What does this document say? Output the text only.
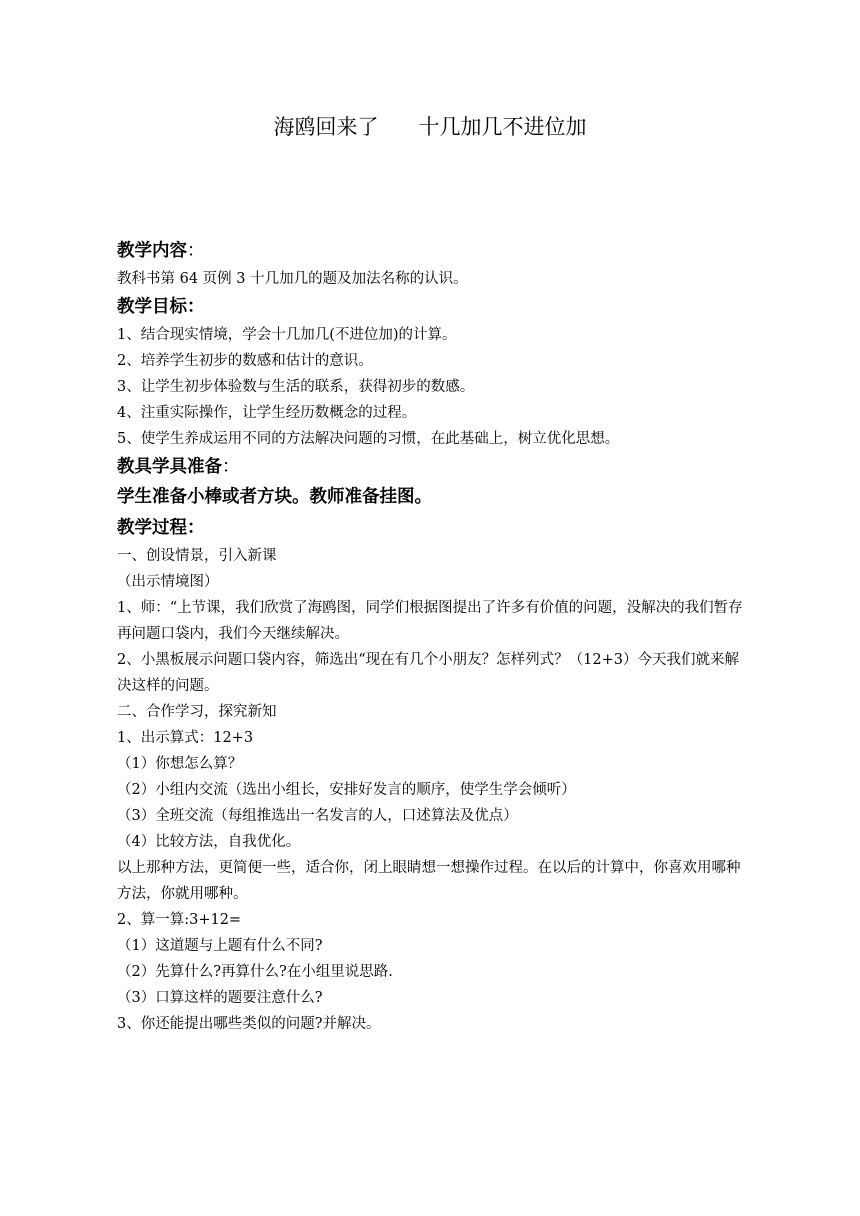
海鸥回来了      十几加几不进位加
教学内容：
教科书第 64 页例 3 十几加几的题及加法名称的认识。
教学目标：
1、结合现实情境，学会十几加几(不进位加)的计算。
2、培养学生初步的数感和估计的意识。
3、让学生初步体验数与生活的联系，获得初步的数感。
4、注重实际操作，让学生经历数概念的过程。
5、使学生养成运用不同的方法解决问题的习惯，在此基础上，树立优化思想。
教具学具准备：
学生准备小棒或者方块。教师准备挂图。
教学过程：
一、创设情景，引入新课
（出示情境图）
1、师：“上节课，我们欣赏了海鸥图，同学们根据图提出了许多有价值的问题，没解决的我们暂存再问题口袋内，我们今天继续解决。
2、小黑板展示问题口袋内容，筛选出“现在有几个小朋友？怎样列式？（12+3）今天我们就来解决这样的问题。
二、合作学习，探究新知
1、出示算式：12+3
（1）你想怎么算？
（2）小组内交流（选出小组长，安排好发言的顺序，使学生学会倾听）
（3）全班交流（每组推选出一名发言的人，口述算法及优点）
（4）比较方法，自我优化。
以上那种方法，更简便一些，适合你，闭上眼睛想一想操作过程。在以后的计算中，你喜欢用哪种方法，你就用哪种。
2、算一算:3+12=
（1）这道题与上题有什么不同?
（2）先算什么?再算什么?在小组里说思路.
（3）口算这样的题要注意什么?
3、你还能提出哪些类似的问题?并解决。
